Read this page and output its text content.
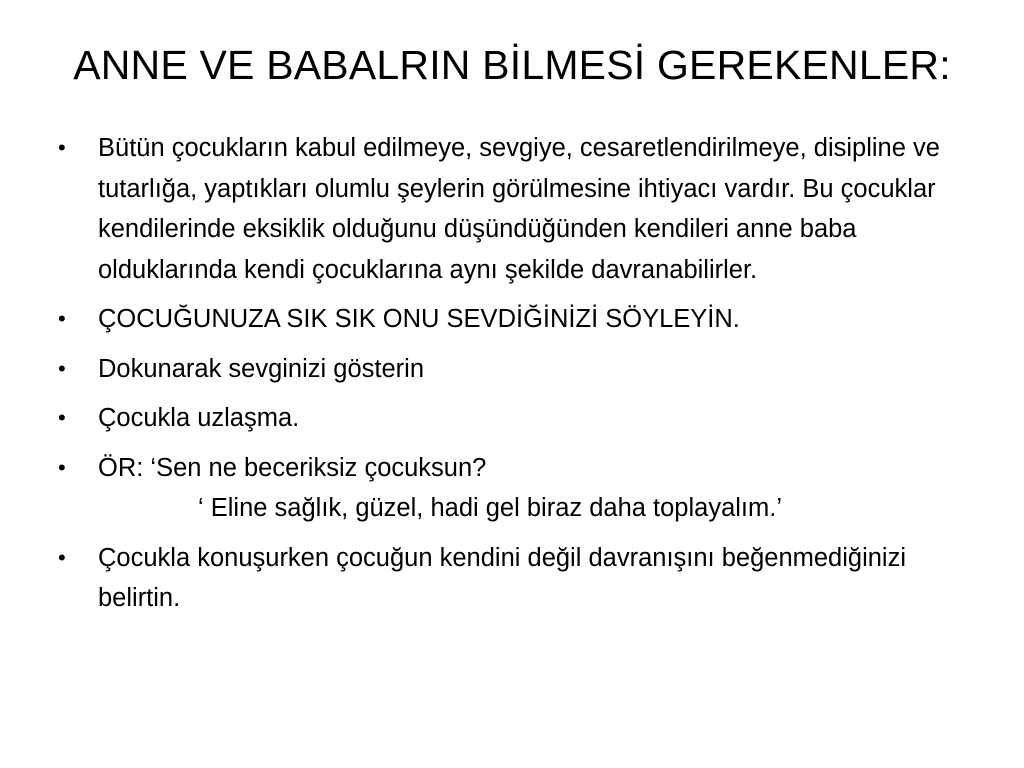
ANNE VE BABALRIN BİLMESİ GEREKENLER:
•	Bütün çocukların kabul edilmeye, sevgiye, cesaretlendirilmeye, disipline ve tutarlığa, yaptıkları olumlu şeylerin görülmesine ihtiyacı vardır. Bu çocuklar kendilerinde eksiklik olduğunu düşündüğünden kendileri anne baba olduklarında kendi çocuklarına aynı şekilde davranabilirler.
•	ÇOCUĞUNUZA SIK SIK ONU SEVDİĞİNİZİ SÖYLEYİN.
•	Dokunarak sevginizi gösterin
•	Çocukla uzlaşma.
•	ÖR: ‘Sen ne beceriksiz çocuksun?
‘ Eline sağlık, güzel, hadi gel biraz daha toplayalım.’
•	Çocukla konuşurken çocuğun kendini değil davranışını beğenmediğinizi belirtin.
